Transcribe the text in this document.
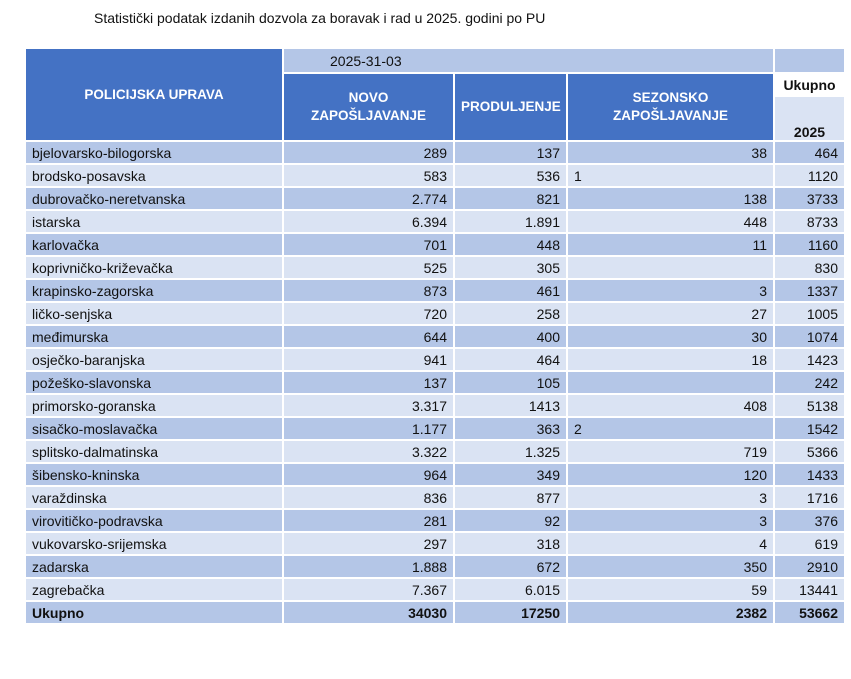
Statistički podatak izdanih dozvola za boravak i rad u 2025. godini po PU
POLICIJSKA UPRAVA	2025-31-03			
	NOVO ZAPOŠLJAVANJE	PRODULJENJE	SEZONSKO ZAPOŠLJAVANJE	Ukupno
				2025
bjelovarsko-bilogorska	289	137	38	464
brodsko-posavska	583	536	1	1120
dubrovačko-neretvanska	2.774	821	138	3733
istarska	6.394	1.891	448	8733
karlovačka	701	448	11	1160
koprivničko-križevačka	525	305		830
krapinsko-zagorska	873	461	3	1337
ličko-senjska	720	258	27	1005
međimurska	644	400	30	1074
osječko-baranjska	941	464	18	1423
požeško-slavonska	137	105		242
primorsko-goranska	3.317	1413	408	5138
sisačko-moslavačka	1.177	363	2	1542
splitsko-dalmatinska	3.322	1.325	719	5366
šibensko-kninska	964	349	120	1433
varaždinska	836	877	3	1716
virovitičko-podravska	281	92	3	376
vukovarsko-srijemska	297	318	4	619
zadarska	1.888	672	350	2910
zagrebačka	7.367	6.015	59	13441
Ukupno	34030	17250	2382	53662
